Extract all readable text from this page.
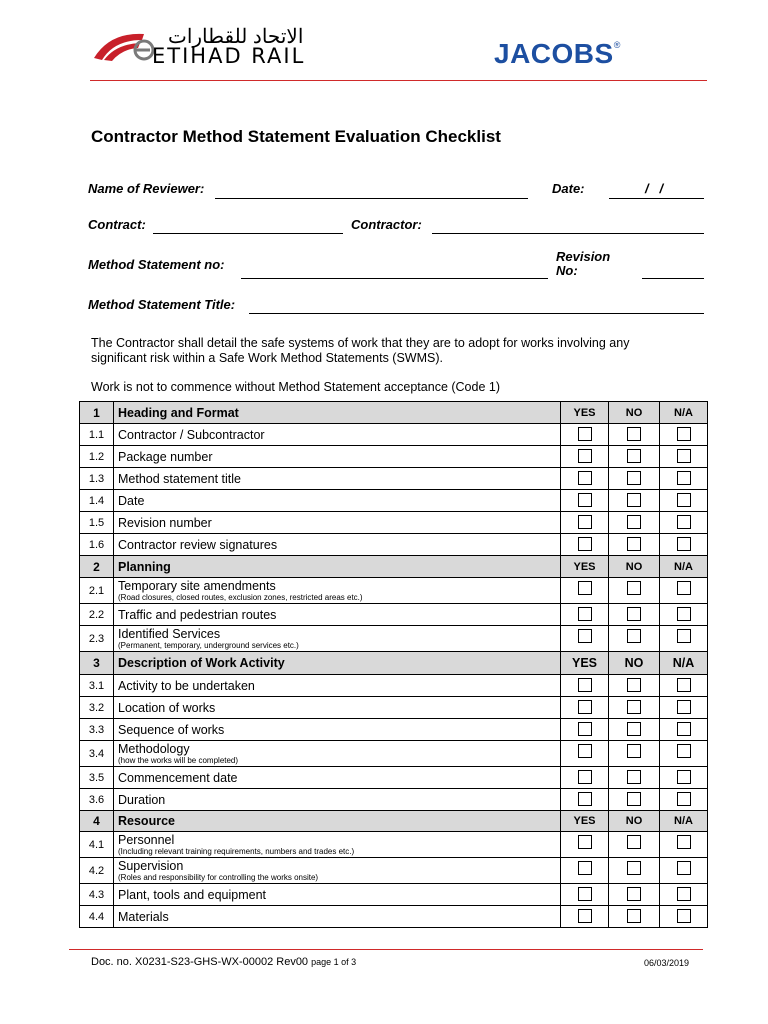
الاتحاد للقطارات
ETIHAD RAIL	JACOBS®
Contractor Method Statement Evaluation Checklist
Name of Reviewer:	Date:	/   /
Contract:	Contractor:
Method Statement no:
Revision
No:
Method Statement Title:
The Contractor shall detail the safe systems of work that they are to adopt for works involving any significant risk within a Safe Work Method Statements (SWMS).
Work is not to commence without Method Statement acceptance (Code 1)
1	Heading and Format	YES	NO	N/A
1.1	Contractor / Subcontractor			
1.2	Package number			
1.3	Method statement title			
1.4	Date			
1.5	Revision number			
1.6	Contractor review signatures			
2	Planning	YES	NO	N/A
2.1	Temporary site amendments
(Road closures, closed routes, exclusion zones, restricted areas etc.)			

2.2	Traffic and pedestrian routes			
2.3	Identified Services
(Permanent, temporary, underground services etc.)			

3	Description of Work Activity	YES	NO	N/A
3.1	Activity to be undertaken			
3.2	Location of works			
3.3	Sequence of works			
3.4	Methodology
(how the works will be completed)			

3.5	Commencement date			
3.6	Duration			
4	Resource	YES	NO	N/A
4.1	Personnel
(Including relevant training requirements, numbers and trades etc.)			

4.2	Supervision
(Roles and responsibility for controlling the works onsite)			

4.3	Plant, tools and equipment			
4.4	Materials			
Doc. no. X0231-S23-GHS-WX-00002 Rev00 page 1 of 3	06/03/2019
